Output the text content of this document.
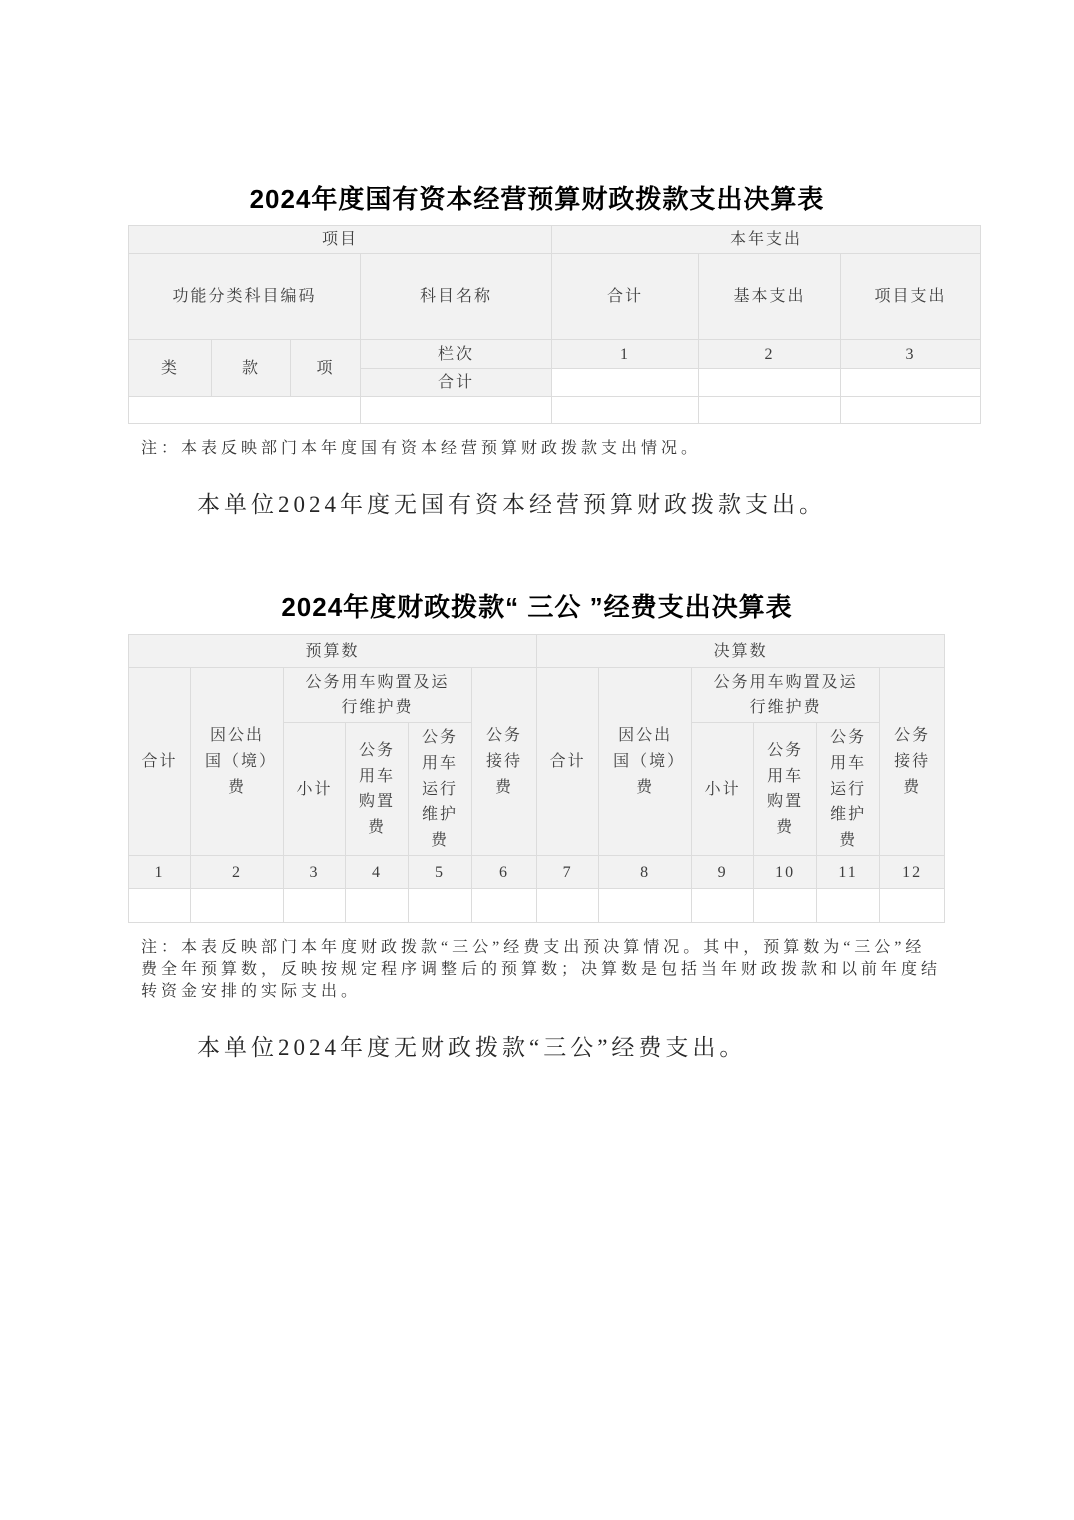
2024年度国有资本经营预算财政拨款支出决算表
项目				本年支出		
功能分类科目编码			科目名称	合计	基本支出	项目支出
类	款	项	栏次	1	2	3
			合计			

注：本表反映部门本年度国有资本经营预算财政拨款支出情况。

本单位2024年度无国有资本经营预算财政拨款支出。

2024年度财政拨款“ 三公 ”经费支出决算表
预算数						决算数					
合计	因公出国（境）费	公务用车购置及运行维护费			公务接待费	合计	因公出国（境）费	公务用车购置及运行维护费			公务接待费
		小计	公务用车购置费	公务用车运行维护费				小计	公务用车购置费	公务用车运行维护费	
1	2	3	4	5	6	7	8	9	10	11	12

注：本表反映部门本年度财政拨款“三公”经费支出预决算情况。其中，预算数为“三公”经费全年预算数，反映按规定程序调整后的预算数；决算数是包括当年财政拨款和以前年度结转资金安排的实际支出。

本单位2024年度无财政拨款“三公”经费支出。
